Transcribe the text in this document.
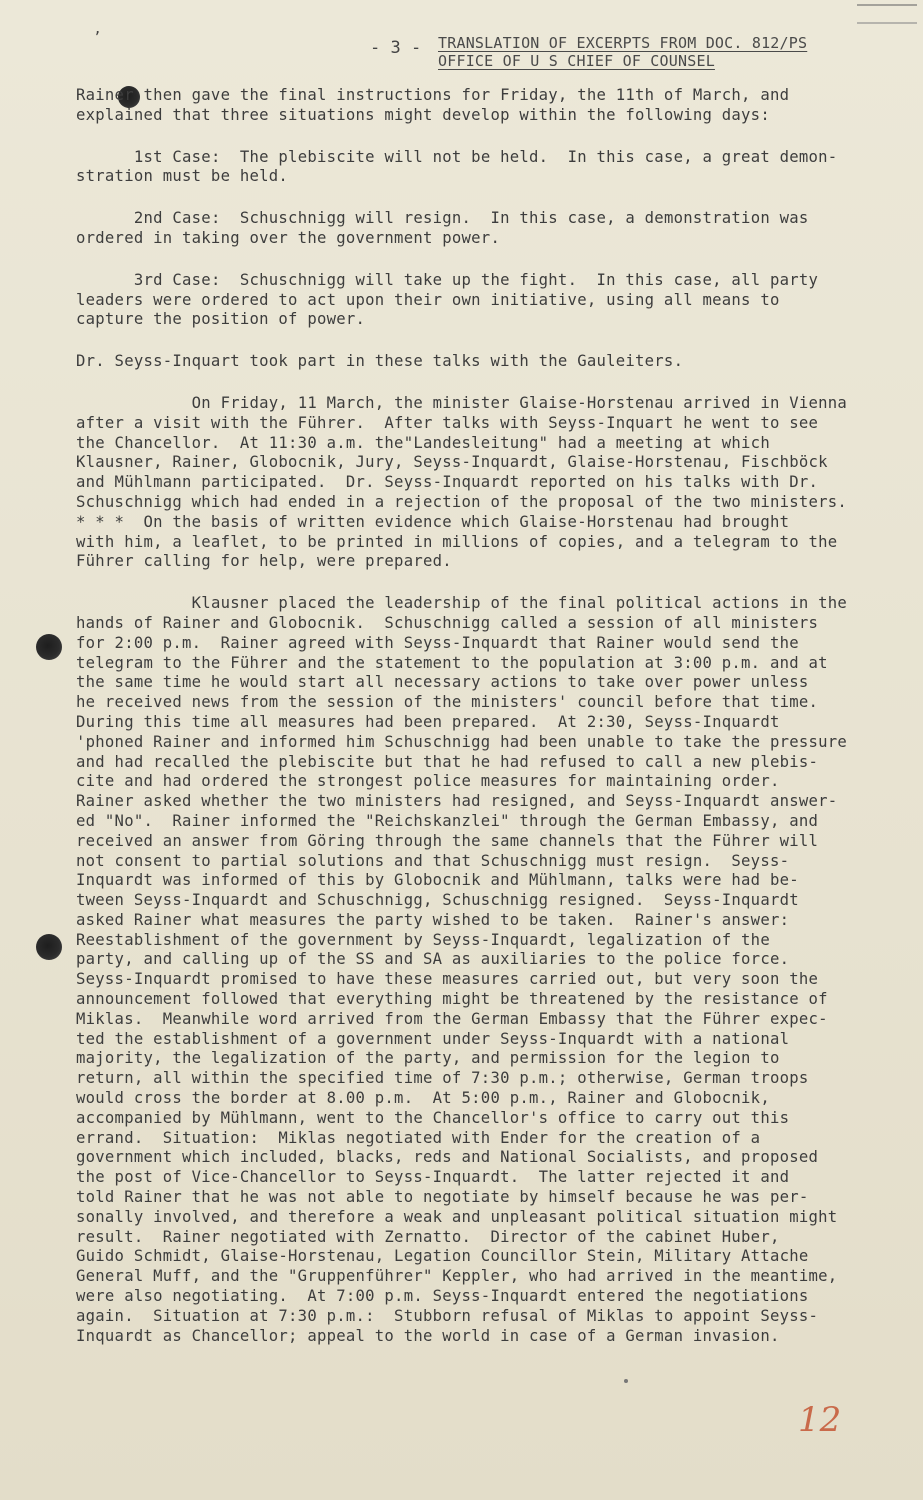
’	- 3 - TRANSLATION OF EXCERPTS FROM DOC. 812/PS
OFFICE OF U S CHIEF OF COUNSEL

Rainer then gave the final instructions for Friday, the 11th of March, and
explained that three situations might develop within the following days:

1st Case:  The plebiscite will not be held.  In this case, a great demon-
stration must be held.

2nd Case:  Schuschnigg will resign.  In this case, a demonstration was
ordered in taking over the government power.

3rd Case:  Schuschnigg will take up the fight.  In this case, all party
leaders were ordered to act upon their own initiative, using all means to
capture the position of power.

Dr. Seyss-Inquart took part in these talks with the Gauleiters.

On Friday, 11 March, the minister Glaise-Horstenau arrived in Vienna
after a visit with the Führer.  After talks with Seyss-Inquart he went to see
the Chancellor.  At 11:30 a.m. the"Landesleitung" had a meeting at which
Klausner, Rainer, Globocnik, Jury, Seyss-Inquardt, Glaise-Horstenau, Fischböck
and Mühlmann participated.  Dr. Seyss-Inquardt reported on his talks with Dr.
Schuschnigg which had ended in a rejection of the proposal of the two ministers.
* * *  On the basis of written evidence which Glaise-Horstenau had brought
with him, a leaflet, to be printed in millions of copies, and a telegram to the
Führer calling for help, were prepared.

Klausner placed the leadership of the final political actions in the
hands of Rainer and Globocnik.  Schuschnigg called a session of all ministers
for 2:00 p.m.  Rainer agreed with Seyss-Inquardt that Rainer would send the
telegram to the Führer and the statement to the population at 3:00 p.m. and at
the same time he would start all necessary actions to take over power unless
he received news from the session of the ministers' council before that time.
During this time all measures had been prepared.  At 2:30, Seyss-Inquardt
'phoned Rainer and informed him Schuschnigg had been unable to take the pressure
and had recalled the plebiscite but that he had refused to call a new plebis-
cite and had ordered the strongest police measures for maintaining order.
Rainer asked whether the two ministers had resigned, and Seyss-Inquardt answer-
ed "No".  Rainer informed the "Reichskanzlei" through the German Embassy, and
received an answer from Göring through the same channels that the Führer will
not consent to partial solutions and that Schuschnigg must resign.  Seyss-
Inquardt was informed of this by Globocnik and Mühlmann, talks were had be-
tween Seyss-Inquardt and Schuschnigg, Schuschnigg resigned.  Seyss-Inquardt
asked Rainer what measures the party wished to be taken.  Rainer's answer:
Reestablishment of the government by Seyss-Inquardt, legalization of the
party, and calling up of the SS and SA as auxiliaries to the police force.
Seyss-Inquardt promised to have these measures carried out, but very soon the
announcement followed that everything might be threatened by the resistance of
Miklas.  Meanwhile word arrived from the German Embassy that the Führer expec-
ted the establishment of a government under Seyss-Inquardt with a national
majority, the legalization of the party, and permission for the legion to
return, all within the specified time of 7:30 p.m.; otherwise, German troops
would cross the border at 8.00 p.m.  At 5:00 p.m., Rainer and Globocnik,
accompanied by Mühlmann, went to the Chancellor's office to carry out this
errand.  Situation:  Miklas negotiated with Ender for the creation of a
government which included, blacks, reds and National Socialists, and proposed
the post of Vice-Chancellor to Seyss-Inquardt.  The latter rejected it and
told Rainer that he was not able to negotiate by himself because he was per-
sonally involved, and therefore a weak and unpleasant political situation might
result.  Rainer negotiated with Zernatto.  Director of the cabinet Huber,
Guido Schmidt, Glaise-Horstenau, Legation Councillor Stein, Military Attache
General Muff, and the "Gruppenführer" Keppler, who had arrived in the meantime,
were also negotiating.  At 7:00 p.m. Seyss-Inquardt entered the negotiations
again.  Situation at 7:30 p.m.:  Stubborn refusal of Miklas to appoint Seyss-
Inquardt as Chancellor; appeal to the world in case of a German invasion.

12
